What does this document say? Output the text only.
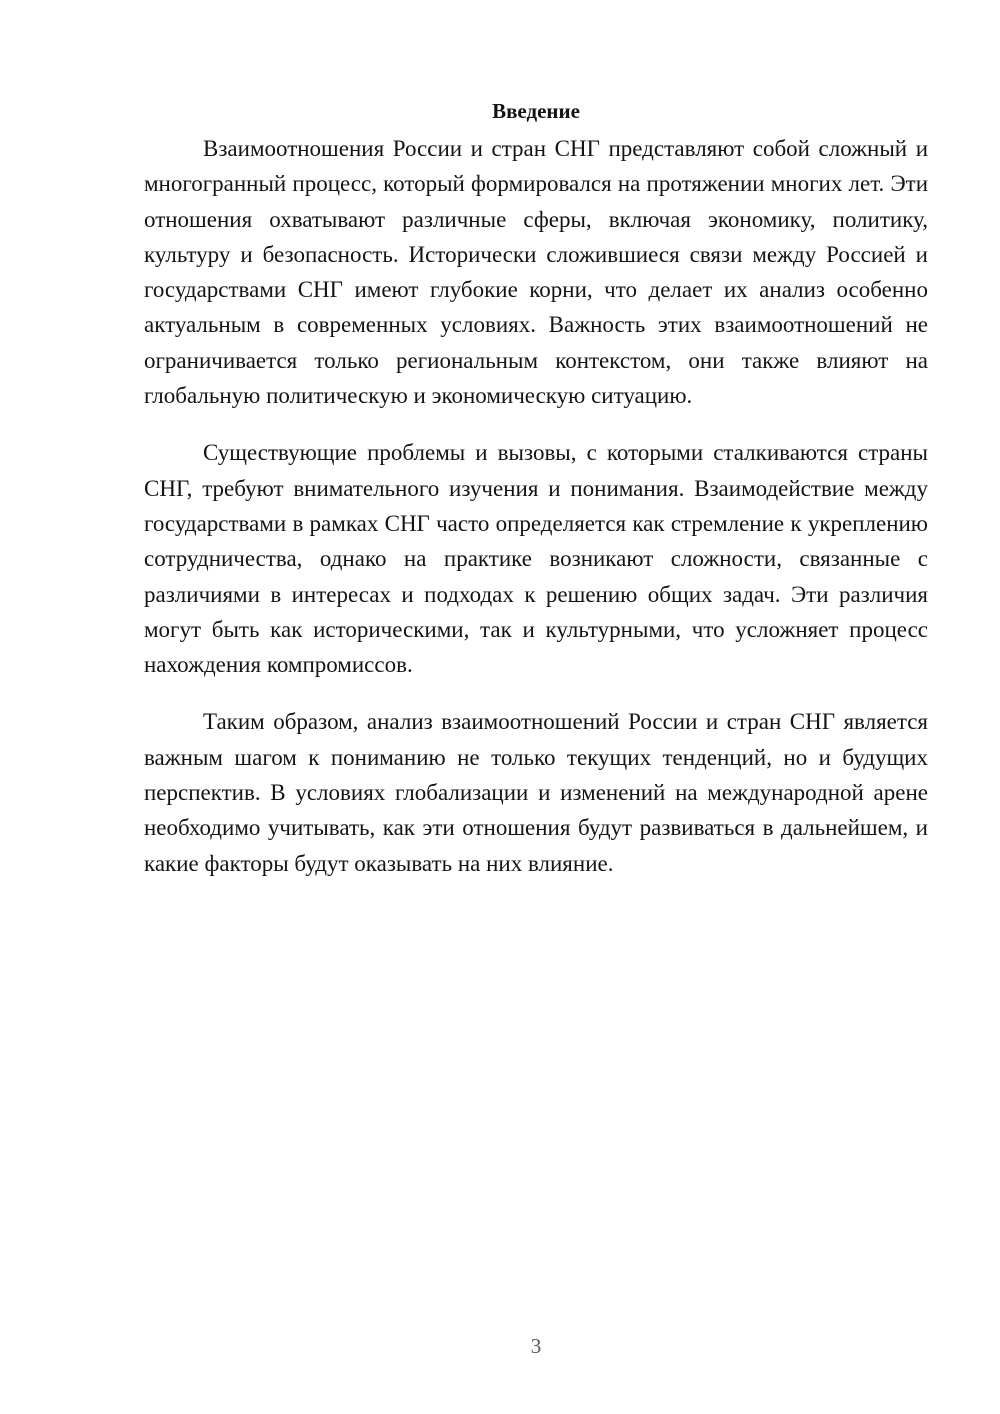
Введение

Взаимоотношения России и стран СНГ представляют собой сложный и многогранный процесс, который формировался на протяжении многих лет. Эти отношения охватывают различные сферы, включая экономику, политику, культуру и безопасность. Исторически сложившиеся связи между Россией и государствами СНГ имеют глубокие корни, что делает их анализ особенно актуальным в современных условиях. Важность этих взаимоотношений не ограничивается только региональным контекстом, они также влияют на глобальную политическую и экономическую ситуацию.

Существующие проблемы и вызовы, с которыми сталкиваются страны СНГ, требуют внимательного изучения и понимания. Взаимодействие между государствами в рамках СНГ часто определяется как стремление к укреплению сотрудничества, однако на практике возникают сложности, связанные с различиями в интересах и подходах к решению общих задач. Эти различия могут быть как историческими, так и культурными, что усложняет процесс нахождения компромиссов.

Таким образом, анализ взаимоотношений России и стран СНГ является важным шагом к пониманию не только текущих тенденций, но и будущих перспектив. В условиях глобализации и изменений на международной арене необходимо учитывать, как эти отношения будут развиваться в дальнейшем, и какие факторы будут оказывать на них влияние.

3
